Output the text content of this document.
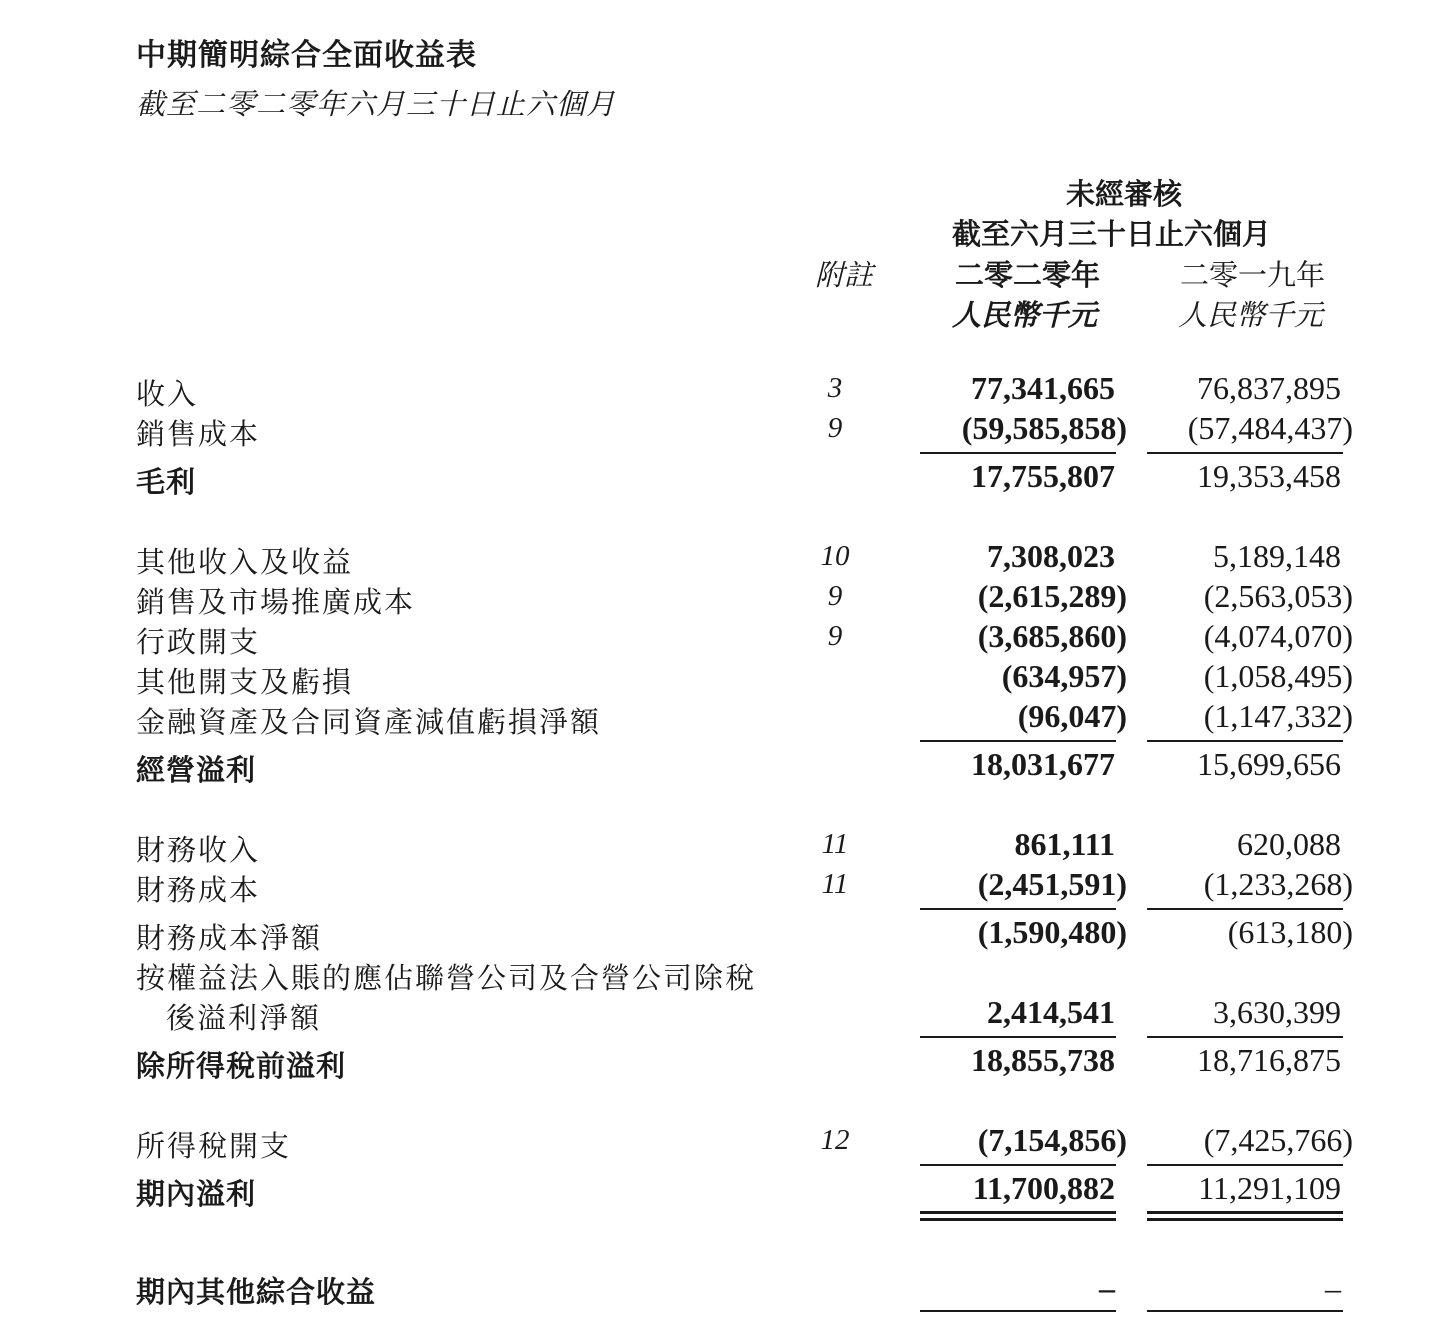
中期簡明綜合全面收益表
截至二零二零年六月三十日止六個月
未經審核
截至六月三十日止六個月
附註	二零二零年	二零一九年
人民幣千元	人民幣千元
收入	3	77,341,665	76,837,895
銷售成本	9	(59,585,858) (57,484,437)
毛利	17,755,807	19,353,458
其他收入及收益	10	7,308,023	5,189,148
銷售及市場推廣成本	9	(2,615,289) (2,563,053)
行政開支	9	(3,685,860) (4,074,070)
其他開支及虧損	(634,957) (1,058,495)
金融資產及合同資產減值虧損淨額	(96,047) (1,147,332)
經營溢利	18,031,677	15,699,656
財務收入	11	861,111	620,088
財務成本	11	(2,451,591) (1,233,268)
財務成本淨額	(1,590,480)	(613,180)
按權益法入賬的應佔聯營公司及合營公司除稅
後溢利淨額	2,414,541	3,630,399
除所得稅前溢利	18,855,738	18,716,875
所得稅開支	12	(7,154,856) (7,425,766)
期內溢利	11,700,882	11,291,109
期內其他綜合收益	–	–
